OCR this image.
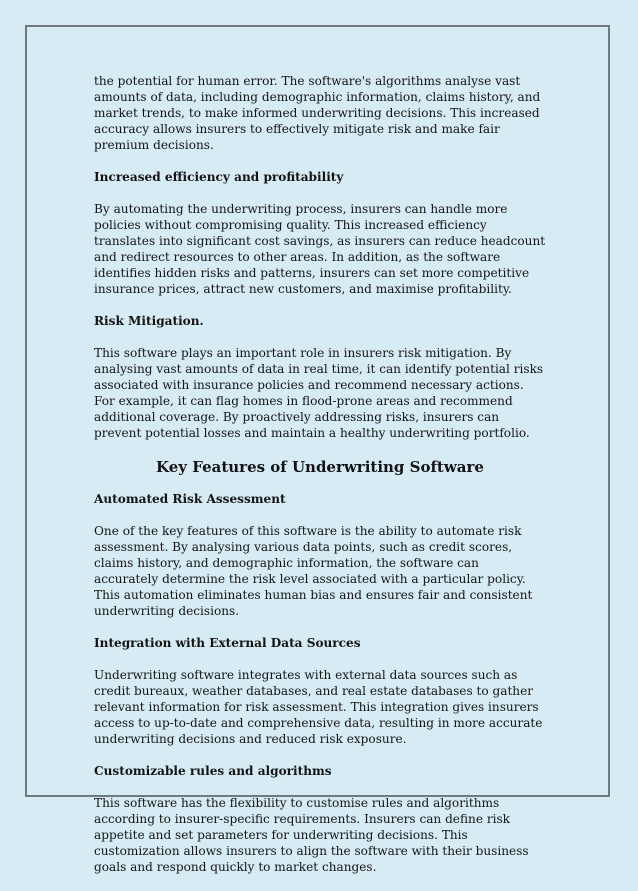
the potential for human error. The software's algorithms analyse vast amounts of data, including demographic information, claims history, and market trends, to make informed underwriting decisions. This increased accuracy allows insurers to effectively mitigate risk and make fair premium decisions.

Increased efficiency and profitability

By automating the underwriting process, insurers can handle more policies without compromising quality. This increased efficiency translates into significant cost savings, as insurers can reduce headcount and redirect resources to other areas. In addition, as the software identifies hidden risks and patterns, insurers can set more competitive insurance prices, attract new customers, and maximise profitability.

Risk Mitigation.

This software plays an important role in insurers risk mitigation. By analysing vast amounts of data in real time, it can identify potential risks associated with insurance policies and recommend necessary actions. For example, it can flag homes in flood-prone areas and recommend additional coverage. By proactively addressing risks, insurers can prevent potential losses and maintain a healthy underwriting portfolio.

Key Features of Underwriting Software
Automated Risk Assessment

One of the key features of this software is the ability to automate risk assessment. By analysing various data points, such as credit scores, claims history, and demographic information, the software can accurately determine the risk level associated with a particular policy. This automation eliminates human bias and ensures fair and consistent underwriting decisions.

Integration with External Data Sources

Underwriting software integrates with external data sources such as credit bureaux, weather databases, and real estate databases to gather relevant information for risk assessment. This integration gives insurers access to up-to-date and comprehensive data, resulting in more accurate underwriting decisions and reduced risk exposure.

Customizable rules and algorithms

This software has the flexibility to customise rules and algorithms according to insurer-specific requirements. Insurers can define risk appetite and set parameters for underwriting decisions. This customization allows insurers to align the software with their business goals and respond quickly to market changes.
